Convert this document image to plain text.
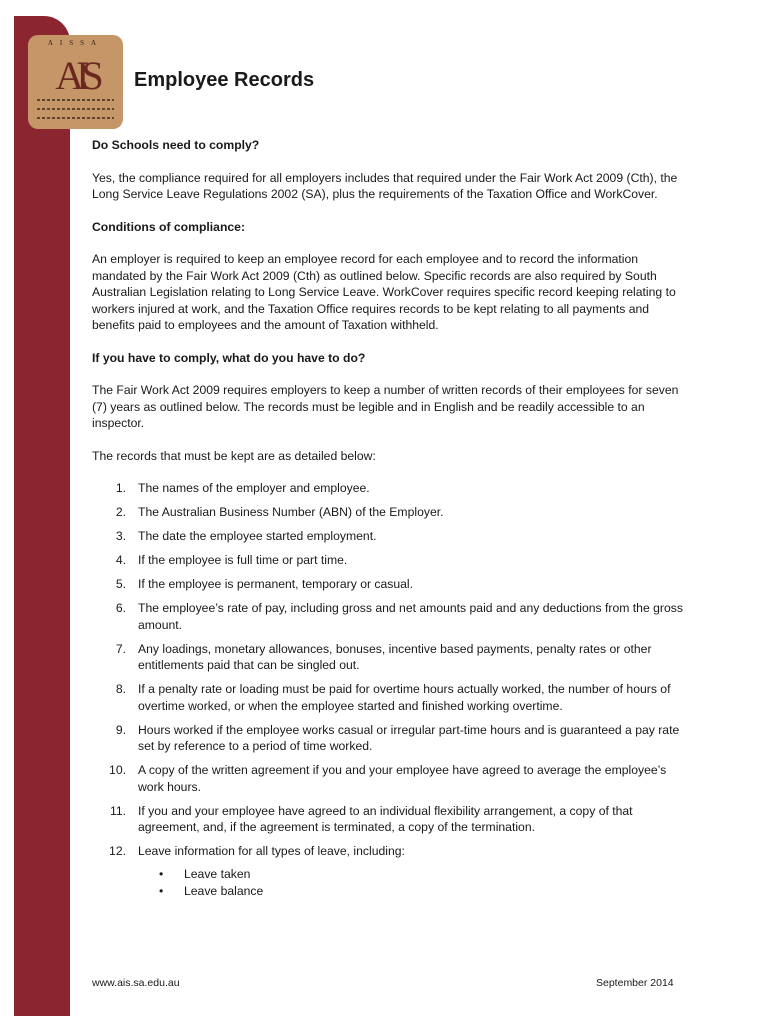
AISSA
AIS	Employee Records
Do Schools need to comply?

Yes, the compliance required for all employers includes that required under the Fair Work Act 2009 (Cth), the Long Service Leave Regulations 2002 (SA), plus the requirements of the Taxation Office and WorkCover.

Conditions of compliance:

An employer is required to keep an employee record for each employee and to record the information mandated by the Fair Work Act 2009 (Cth) as outlined below. Specific records are also required by South Australian Legislation relating to Long Service Leave. WorkCover requires specific record keeping relating to workers injured at work, and the Taxation Office requires records to be kept relating to all payments and benefits paid to employees and the amount of Taxation withheld.

If you have to comply, what do you have to do?

The Fair Work Act 2009 requires employers to keep a number of written records of their employees for seven (7) years as outlined below. The records must be legible and in English and be readily accessible to an inspector.

The records that must be kept are as detailed below:

1. The names of the employer and employee.
2. The Australian Business Number (ABN) of the Employer.
3. The date the employee started employment.
4. If the employee is full time or part time.
5. If the employee is permanent, temporary or casual.
6. The employee’s rate of pay, including gross and net amounts paid and any deductions from the gross amount.
7. Any loadings, monetary allowances, bonuses, incentive based payments, penalty rates or other entitlements paid that can be singled out.
8. If a penalty rate or loading must be paid for overtime hours actually worked, the number of hours of overtime worked, or when the employee started and finished working overtime.
9. Hours worked if the employee works casual or irregular part-time hours and is guaranteed a pay rate set by reference to a period of time worked.
10. A copy of the written agreement if you and your employee have agreed to average the employee’s work hours.
11. If you and your employee have agreed to an individual flexibility arrangement, a copy of that agreement, and, if the agreement is terminated, a copy of the termination.
12. Leave information for all types of leave, including:
• Leave taken
• Leave balance
www.ais.sa.edu.au	September 2014
